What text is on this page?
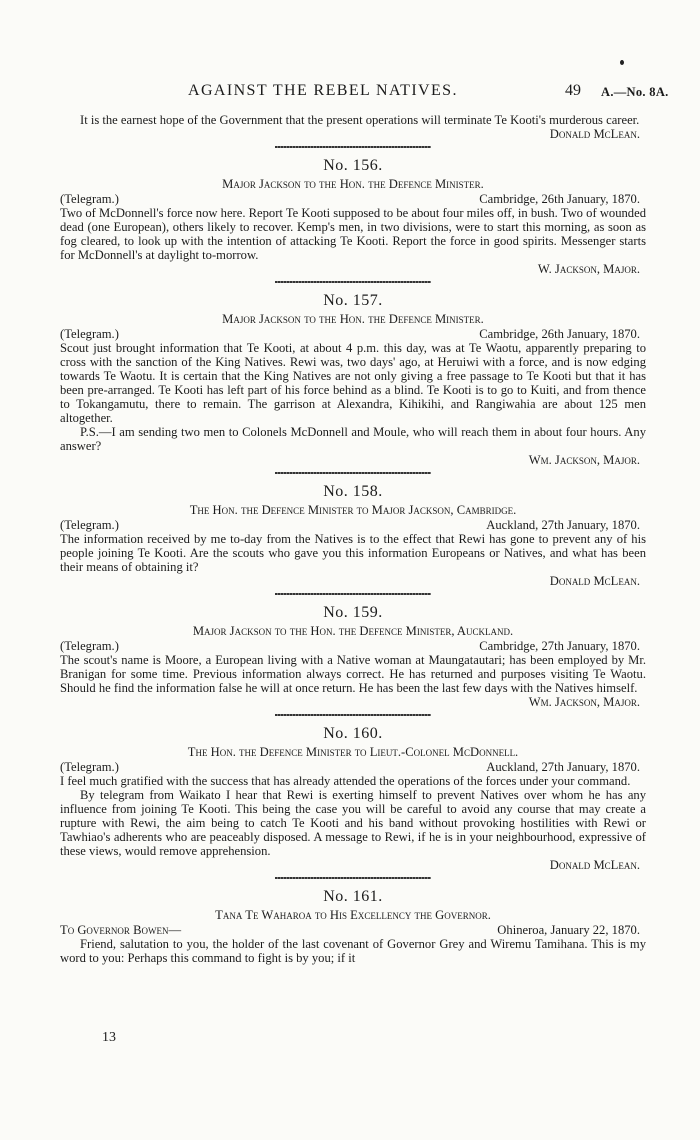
AGAINST THE REBEL NATIVES.	49 A.—No. 8A.

It is the earnest hope of the Government that the present operations will terminate Te Kooti's murderous career.

Donald McLean.

No. 156.
Major Jackson to the Hon. the Defence Minister.
(Telegram.)	Cambridge, 26th January, 1870.

Two of McDonnell's force now here. Report Te Kooti supposed to be about four miles off, in bush. Two of wounded dead (one European), others likely to recover. Kemp's men, in two divisions, were to start this morning, as soon as fog cleared, to look up with the intention of attacking Te Kooti. Report the force in good spirits. Messenger starts for McDonnell's at daylight to-morrow.

W. Jackson, Major.

No. 157.
Major Jackson to the Hon. the Defence Minister.
(Telegram.)	Cambridge, 26th January, 1870.

Scout just brought information that Te Kooti, at about 4 p.m. this day, was at Te Waotu, apparently preparing to cross with the sanction of the King Natives. Rewi was, two days' ago, at Heruiwi with a force, and is now edging towards Te Waotu. It is certain that the King Natives are not only giving a free passage to Te Kooti but that it has been pre-arranged. Te Kooti has left part of his force behind as a blind. Te Kooti is to go to Kuiti, and from thence to Tokangamutu, there to remain. The garrison at Alexandra, Kihikihi, and Rangiwahia are about 125 men altogether.

P.S.—I am sending two men to Colonels McDonnell and Moule, who will reach them in about four hours. Any answer?

Wm. Jackson, Major.

No. 158.
The Hon. the Defence Minister to Major Jackson, Cambridge.
(Telegram.)	Auckland, 27th January, 1870.

The information received by me to-day from the Natives is to the effect that Rewi has gone to prevent any of his people joining Te Kooti. Are the scouts who gave you this information Europeans or Natives, and what has been their means of obtaining it?

Donald McLean.

No. 159.
Major Jackson to the Hon. the Defence Minister, Auckland.
(Telegram.)	Cambridge, 27th January, 1870.

The scout's name is Moore, a European living with a Native woman at Maungatautari; has been employed by Mr. Branigan for some time. Previous information always correct. He has returned and purposes visiting Te Waotu. Should he find the information false he will at once return. He has been the last few days with the Natives himself.

Wm. Jackson, Major.

No. 160.
The Hon. the Defence Minister to Lieut.-Colonel McDonnell.
(Telegram.)	Auckland, 27th January, 1870.

I feel much gratified with the success that has already attended the operations of the forces under your command.

By telegram from Waikato I hear that Rewi is exerting himself to prevent Natives over whom he has any influence from joining Te Kooti. This being the case you will be careful to avoid any course that may create a rupture with Rewi, the aim being to catch Te Kooti and his band without provoking hostilities with Rewi or Tawhiao's adherents who are peaceably disposed. A message to Rewi, if he is in your neighbourhood, expressive of these views, would remove apprehension.

Donald McLean.

No. 161.
Tana Te Waharoa to His Excellency the Governor.
To Governor Bowen—	Ohineroa, January 22, 1870.

Friend, salutation to you, the holder of the last covenant of Governor Grey and Wiremu Tamihana. This is my word to you: Perhaps this command to fight is by you; if it

13
